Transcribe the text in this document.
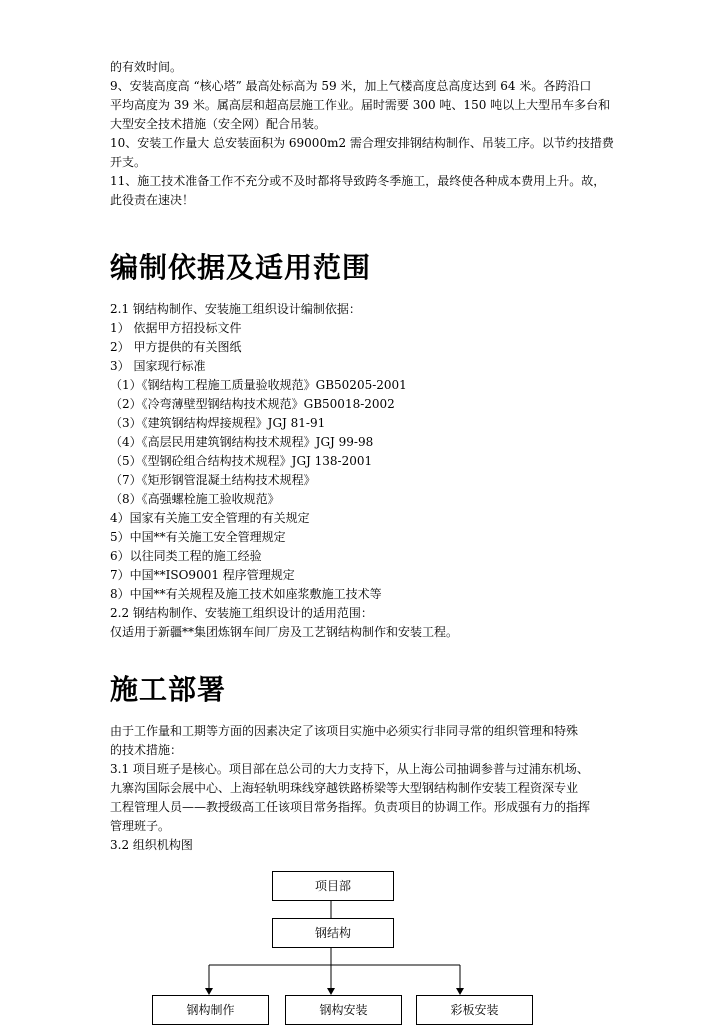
的有效时间。

9、安装高度高 “核心塔” 最高处标高为 59 米，加上气楼高度总高度达到 64 米。各跨沿口

平均高度为 39 米。属高层和超高层施工作业。届时需要 300 吨、150 吨以上大型吊车多台和

大型安全技术措施（安全网）配合吊装。

10、安装工作量大 总安装面积为 69000m2 需合理安排钢结构制作、吊装工序。以节约技措费

开支。

11、施工技术准备工作不充分或不及时都将导致跨冬季施工，最终使各种成本费用上升。故，

此役责在速决！

编制依据及适用范围

2.1 钢结构制作、安装施工组织设计编制依据：

1） 依据甲方招投标文件

2） 甲方提供的有关图纸

3） 国家现行标准

（1）《钢结构工程施工质量验收规范》GB50205-2001

（2）《冷弯薄壁型钢结构技术规范》GB50018-2002

（3）《建筑钢结构焊接规程》JGJ 81-91

（4）《高层民用建筑钢结构技术规程》JGJ 99-98

（5）《型钢砼组合结构技术规程》JGJ 138-2001

（7）《矩形钢管混凝土结构技术规程》

（8）《高强螺栓施工验收规范》

4）国家有关施工安全管理的有关规定

5）中国**有关施工安全管理规定

6）以往同类工程的施工经验

7）中国**ISO9001 程序管理规定

8）中国**有关规程及施工技术如座浆敷施工技术等

2.2 钢结构制作、安装施工组织设计的适用范围：

仅适用于新疆**集团炼钢车间厂房及工艺钢结构制作和安装工程。

施工部署

由于工作量和工期等方面的因素决定了该项目实施中必须实行非同寻常的组织管理和特殊

的技术措施：

3.1 项目班子是核心。项目部在总公司的大力支持下，从上海公司抽调参普与过浦东机场、

九寨沟国际会展中心、上海轻轨明珠线穿越铁路桥梁等大型钢结构制作安装工程资深专业

工程管理人员——教授级高工任该项目常务指挥。负责项目的协调工作。形成强有力的指挥

管理班子。

3.2 组织机构图

项目部
钢结构
钢构制作	钢构安装	彩板安装
